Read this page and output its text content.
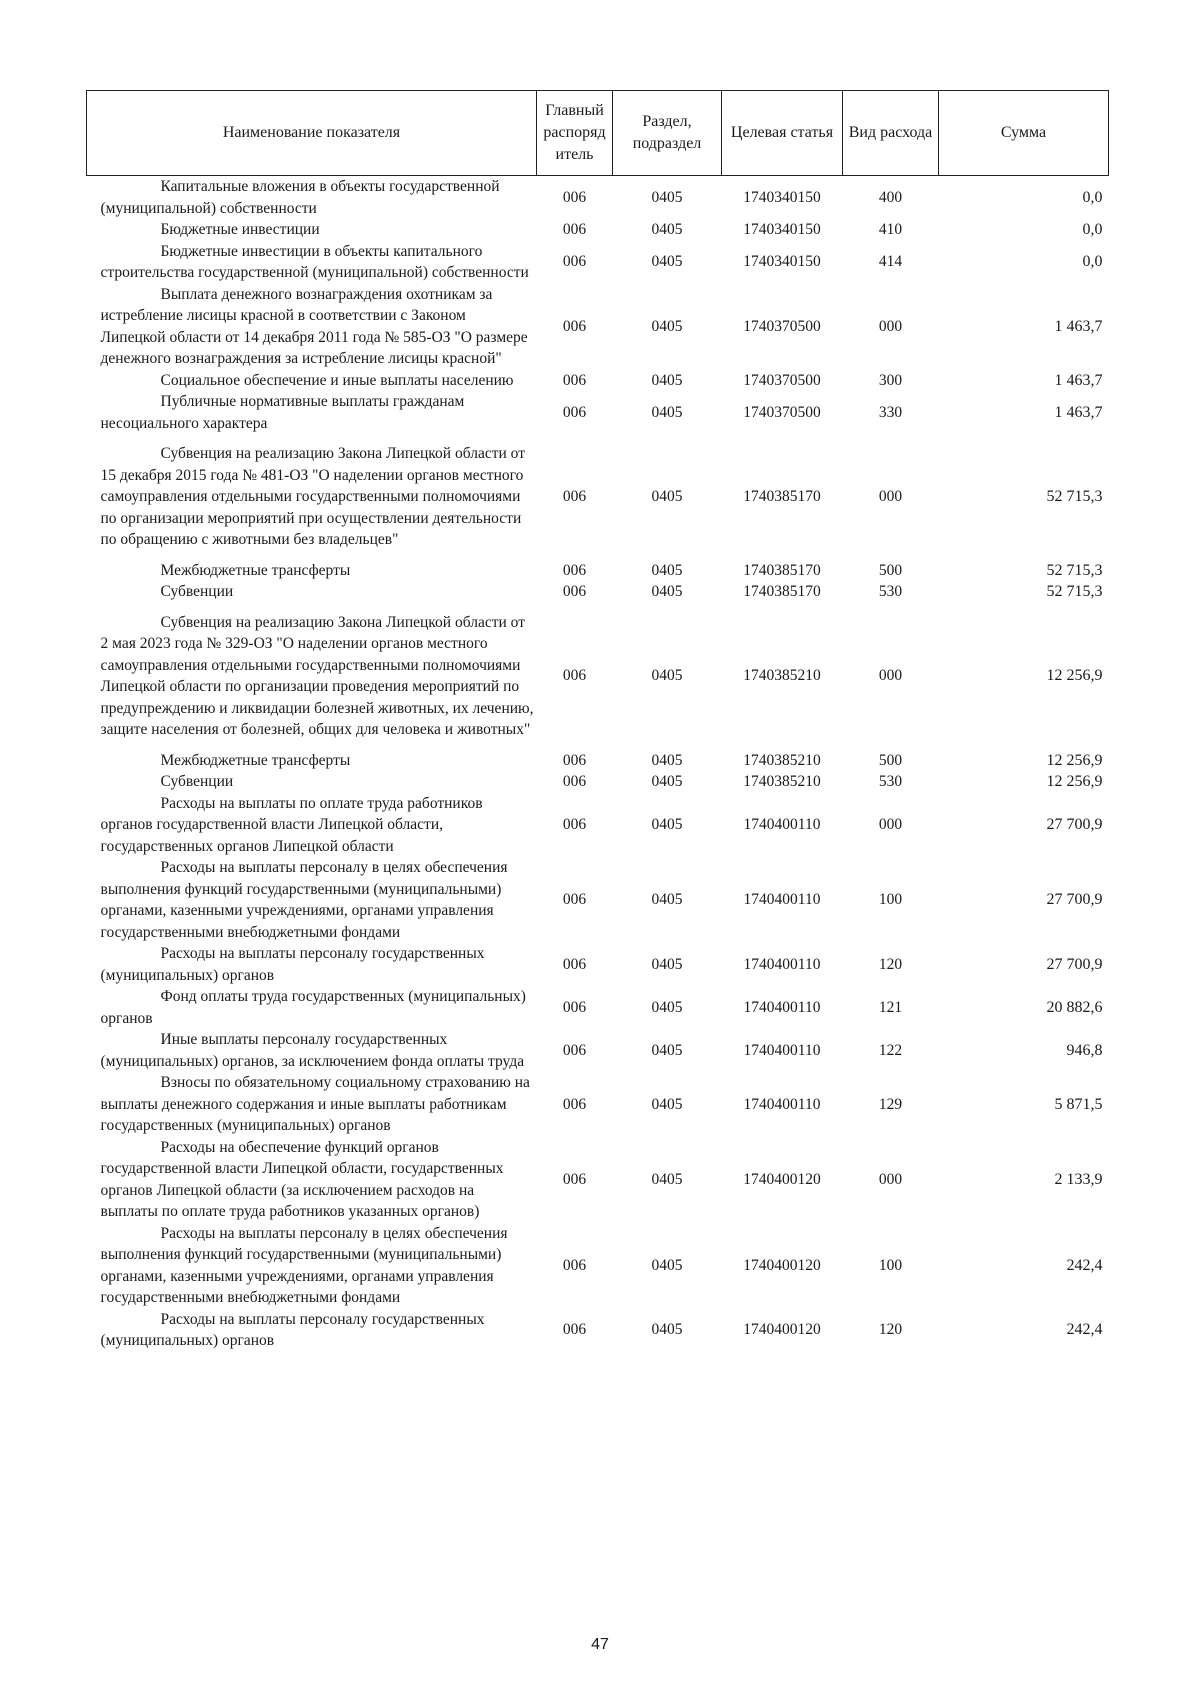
Наименование показателя	Главный распоряд итель	Раздел, подраздел	Целевая статья	Вид расхода	Сумма
Капитальные вложения в объекты государственной (муниципальной) собственности	006	0405	1740340150	400	0,0
Бюджетные инвестиции	006	0405	1740340150	410	0,0
Бюджетные инвестиции в объекты капитального строительства государственной (муниципальной) собственности	006	0405	1740340150	414	0,0
Выплата денежного вознаграждения охотникам за истребление лисицы красной в соответствии с Законом Липецкой области от 14 декабря 2011 года № 585-ОЗ "О размере денежного вознаграждения за истребление лисицы красной"	006	0405	1740370500	000	1 463,7
Социальное обеспечение и иные выплаты населению	006	0405	1740370500	300	1 463,7
Публичные нормативные выплаты гражданам несоциального характера	006	0405	1740370500	330	1 463,7
Субвенция на реализацию Закона Липецкой области от 15 декабря 2015 года № 481-ОЗ "О наделении органов местного самоуправления отдельными государственными полномочиями по организации мероприятий при осуществлении деятельности по обращению с животными без владельцев"	006	0405	1740385170	000	52 715,3
Межбюджетные трансферты	006	0405	1740385170	500	52 715,3
Субвенции	006	0405	1740385170	530	52 715,3
Субвенция на реализацию Закона Липецкой области от 2 мая 2023 года № 329-ОЗ "О наделении органов местного самоуправления отдельными государственными полномочиями Липецкой области по организации проведения мероприятий по предупреждению и ликвидации болезней животных, их лечению, защите населения от болезней, общих для человека и животных"	006	0405	1740385210	000	12 256,9
Межбюджетные трансферты	006	0405	1740385210	500	12 256,9
Субвенции	006	0405	1740385210	530	12 256,9
Расходы на выплаты по оплате труда работников органов государственной власти Липецкой области, государственных органов Липецкой области	006	0405	1740400110	000	27 700,9
Расходы на выплаты персоналу в целях обеспечения выполнения функций государственными (муниципальными) органами, казенными учреждениями, органами управления государственными внебюджетными фондами	006	0405	1740400110	100	27 700,9
Расходы на выплаты персоналу государственных (муниципальных) органов	006	0405	1740400110	120	27 700,9
Фонд оплаты труда государственных (муниципальных) органов	006	0405	1740400110	121	20 882,6
Иные выплаты персоналу государственных (муниципальных) органов, за исключением фонда оплаты труда	006	0405	1740400110	122	946,8
Взносы по обязательному социальному страхованию на выплаты денежного содержания и иные выплаты работникам государственных (муниципальных) органов	006	0405	1740400110	129	5 871,5
Расходы на обеспечение функций органов государственной власти Липецкой области, государственных органов Липецкой области (за исключением расходов на выплаты по оплате труда работников указанных органов)	006	0405	1740400120	000	2 133,9
Расходы на выплаты персоналу в целях обеспечения выполнения функций государственными (муниципальными) органами, казенными учреждениями, органами управления государственными внебюджетными фондами	006	0405	1740400120	100	242,4
Расходы на выплаты персоналу государственных (муниципальных) органов	006	0405	1740400120	120	242,4
47
